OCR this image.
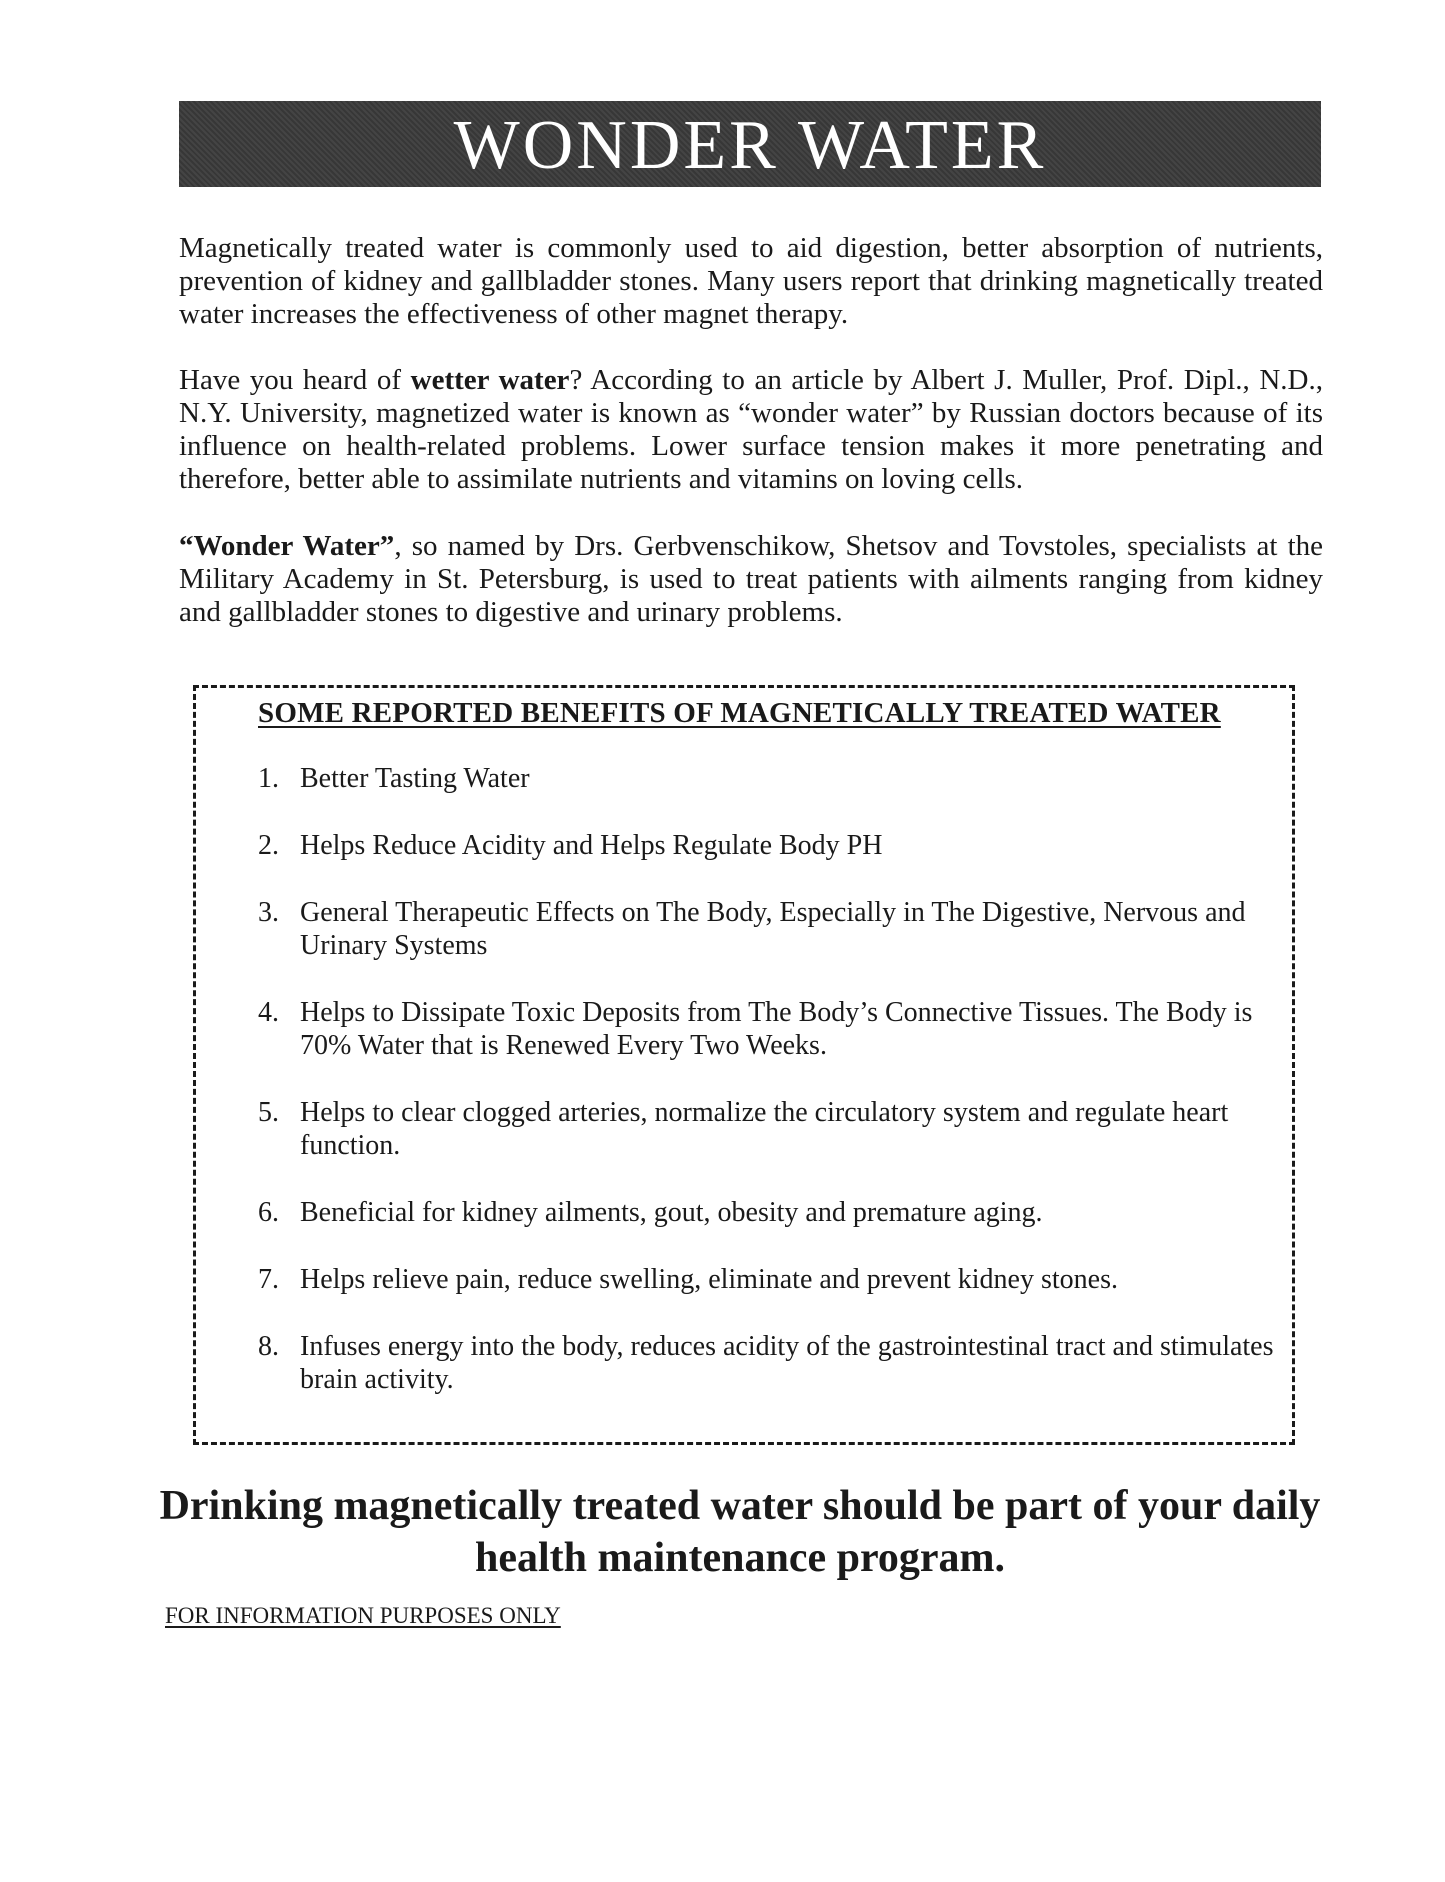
WONDER WATER

Magnetically treated water is commonly used to aid digestion, better absorption of nutrients, prevention of kidney and gallbladder stones. Many users report that drinking magnetically treated water increases the effectiveness of other magnet therapy.

Have you heard of wetter water? According to an article by Albert J. Muller, Prof. Dipl., N.D., N.Y. University, magnetized water is known as “wonder water” by Russian doctors because of its influence on health-related problems. Lower surface tension makes it more penetrating and therefore, better able to assimilate nutrients and vitamins on loving cells.

“Wonder Water”, so named by Drs. Gerbvenschikow, Shetsov and Tovstoles, specialists at the Military Academy in St. Petersburg, is used to treat patients with ailments ranging from kidney and gallbladder stones to digestive and urinary problems.

SOME REPORTED BENEFITS OF MAGNETICALLY TREATED WATER

1. Better Tasting Water
2. Helps Reduce Acidity and Helps Regulate Body PH
3. General Therapeutic Effects on The Body, Especially in The Digestive, Nervous and Urinary Systems
4. Helps to Dissipate Toxic Deposits from The Body’s Connective Tissues. The Body is 70% Water that is Renewed Every Two Weeks.
5. Helps to clear clogged arteries, normalize the circulatory system and regulate heart function.
6. Beneficial for kidney ailments, gout, obesity and premature aging.
7. Helps relieve pain, reduce swelling, eliminate and prevent kidney stones.
8. Infuses energy into the body, reduces acidity of the gastrointestinal tract and stimulates brain activity.

Drinking magnetically treated water should be part of your daily health maintenance program.

FOR INFORMATION PURPOSES ONLY
